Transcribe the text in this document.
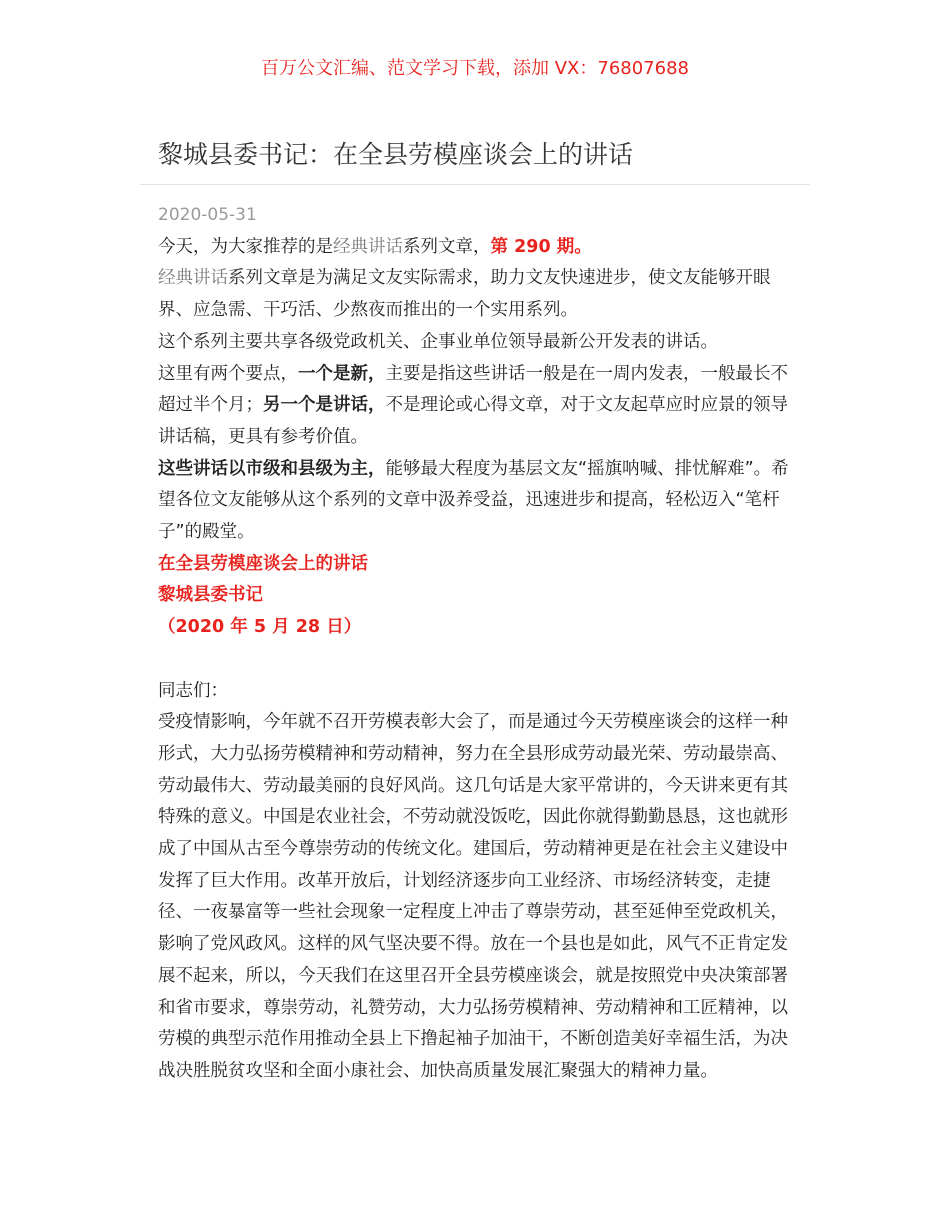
百万公文汇编、范文学习下载，添加 VX：76807688
黎城县委书记：在全县劳模座谈会上的讲话

2020-05-31

今天，为大家推荐的是经典讲话系列文章，第 290 期。

经典讲话系列文章是为满足文友实际需求，助力文友快速进步，使文友能够开眼界、应急需、干巧活、少熬夜而推出的一个实用系列。

这个系列主要共享各级党政机关、企事业单位领导最新公开发表的讲话。

这里有两个要点，一个是新，主要是指这些讲话一般是在一周内发表，一般最长不超过半个月；另一个是讲话，不是理论或心得文章，对于文友起草应时应景的领导讲话稿，更具有参考价值。

这些讲话以市级和县级为主，能够最大程度为基层文友“摇旗呐喊、排忧解难”。希望各位文友能够从这个系列的文章中汲养受益，迅速进步和提高，轻松迈入“笔杆子”的殿堂。

在全县劳模座谈会上的讲话

黎城县委书记

（2020 年 5 月 28 日）

同志们：

受疫情影响，今年就不召开劳模表彰大会了，而是通过今天劳模座谈会的这样一种形式，大力弘扬劳模精神和劳动精神，努力在全县形成劳动最光荣、劳动最崇高、劳动最伟大、劳动最美丽的良好风尚。这几句话是大家平常讲的，今天讲来更有其特殊的意义。中国是农业社会，不劳动就没饭吃，因此你就得勤勤恳恳，这也就形成了中国从古至今尊崇劳动的传统文化。建国后，劳动精神更是在社会主义建设中发挥了巨大作用。改革开放后，计划经济逐步向工业经济、市场经济转变，走捷径、一夜暴富等一些社会现象一定程度上冲击了尊崇劳动，甚至延伸至党政机关，影响了党风政风。这样的风气坚决要不得。放在一个县也是如此，风气不正肯定发展不起来，所以，今天我们在这里召开全县劳模座谈会，就是按照党中央决策部署和省市要求，尊崇劳动，礼赞劳动，大力弘扬劳模精神、劳动精神和工匠精神，以劳模的典型示范作用推动全县上下撸起袖子加油干，不断创造美好幸福生活，为决战决胜脱贫攻坚和全面小康社会、加快高质量发展汇聚强大的精神力量。
